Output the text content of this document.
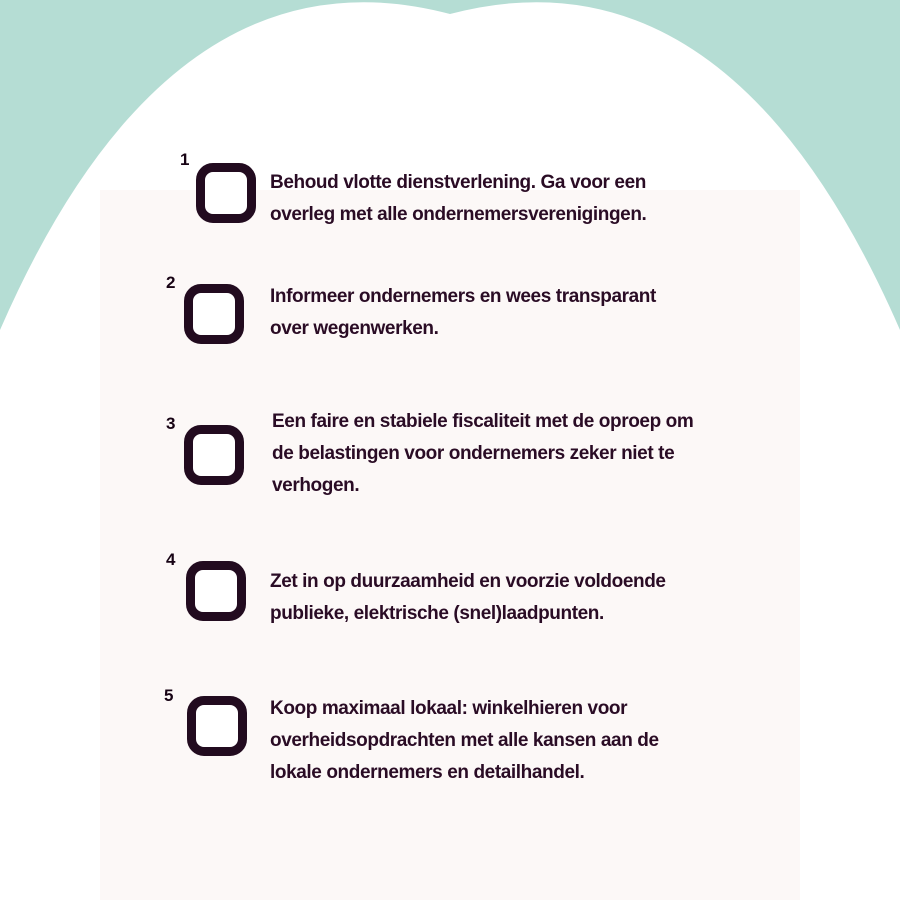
1
Behoud vlotte dienstverlening. Ga voor een
overleg met alle ondernemersverenigingen.
2
Informeer ondernemers en wees transparant
over wegenwerken.
3	Een faire en stabiele fiscaliteit met de oproep om
de belastingen voor ondernemers zeker niet te
verhogen.
4
Zet in op duurzaamheid en voorzie voldoende
publieke, elektrische (snel)laadpunten.
5
Koop maximaal lokaal: winkelhieren voor
overheidsopdrachten met alle kansen aan de
lokale ondernemers en detailhandel.
